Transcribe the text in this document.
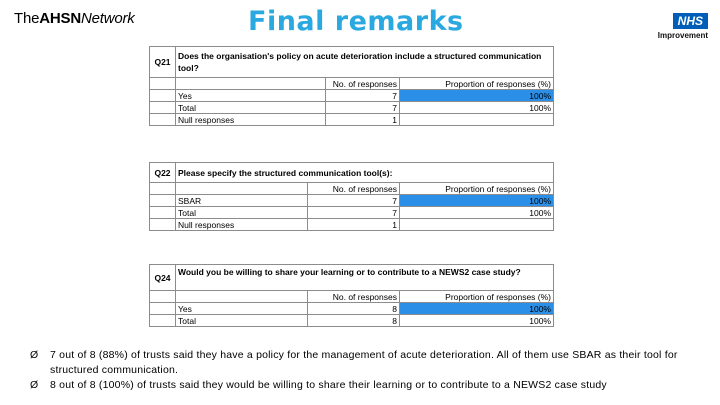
TheAHSNNetwork	Final remarks	NHS
Improvement
Q21	Does the organisation's policy on acute deterioration include a structured communication tool?		
		No. of responses	Proportion of responses (%)
	Yes	7	100%

	Total	7	100%
	Null responses	1	
Q22	Please specify the structured communication tool(s):		
		No. of responses	Proportion of responses (%)
	SBAR	7	100%

	Total	7	100%
	Null responses	1	
Q24	Would you be willing to share your learning or to contribute to a NEWS2 case study?		
		No. of responses	Proportion of responses (%)
	Yes	8	100%

	Total	8	100%
Ø	7 out of 8 (88%) of trusts said they have a policy for the management of acute deterioration. All of them use SBAR as their tool for structured communication.
Ø	8 out of 8 (100%) of trusts said they would be willing to share their learning or to contribute to a NEWS2 case study
